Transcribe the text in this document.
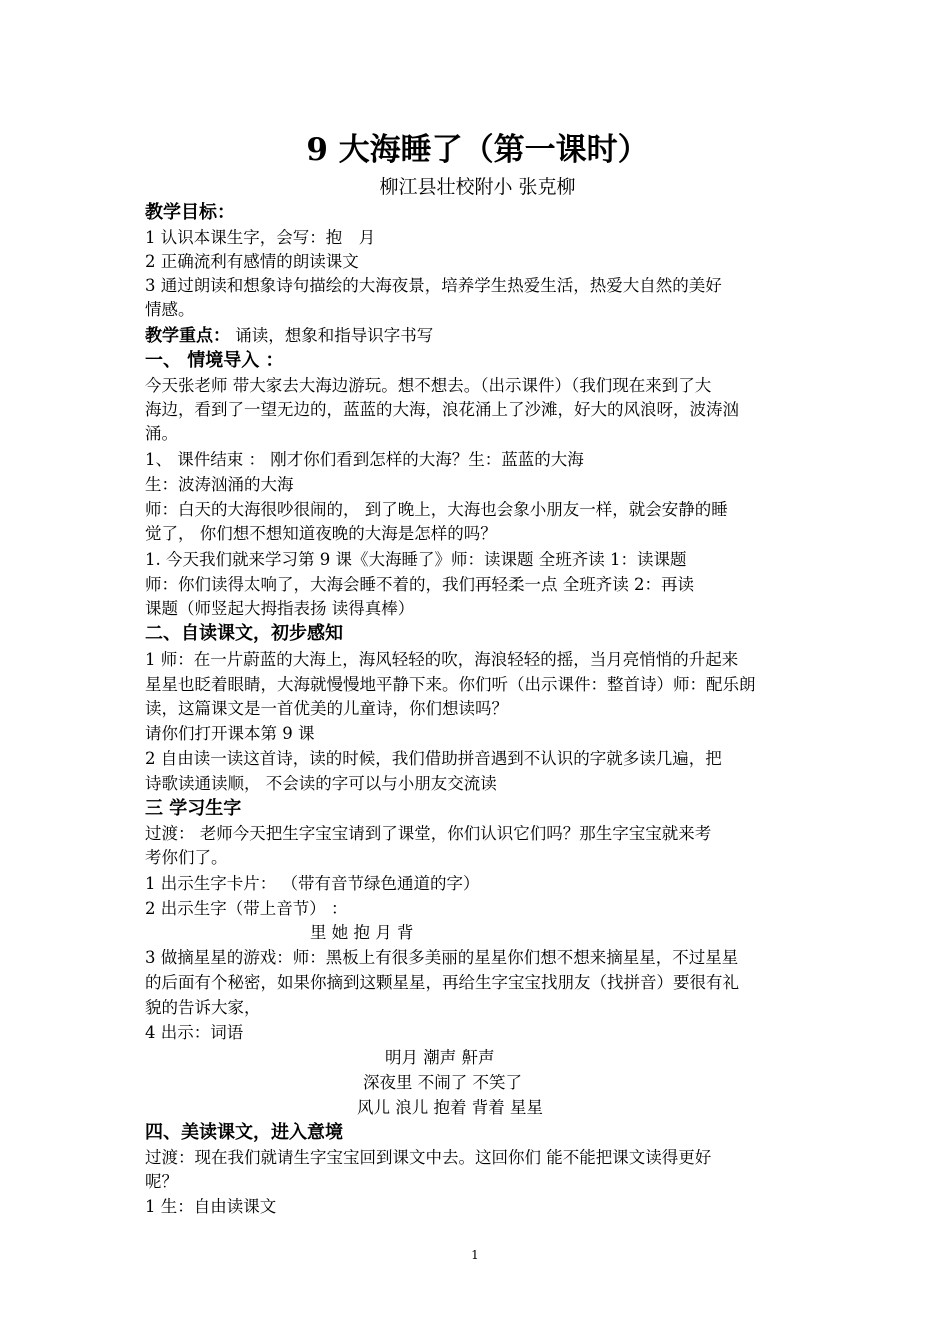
9 大海睡了（第一课时）
柳江县壮校附小 张克柳
教学目标：
1 认识本课生字，会写：抱　月
2 正确流利有感情的朗读课文
3 通过朗读和想象诗句描绘的大海夜景，培养学生热爱生活，热爱大自然的美好
情感。
教学重点： 诵读，想象和指导识字书写
一、 情境导入 ：
今天张老师 带大家去大海边游玩。想不想去。（出示课件）（我们现在来到了大
海边，看到了一望无边的，蓝蓝的大海，浪花涌上了沙滩，好大的风浪呀，波涛汹
涌。
1、 课件结束 ： 刚才你们看到怎样的大海？生：蓝蓝的大海
生：波涛汹涌的大海
师：白天的大海很吵很闹的， 到了晚上，大海也会象小朋友一样，就会安静的睡
觉了， 你们想不想知道夜晚的大海是怎样的吗？
1. 今天我们就来学习第 9 课《大海睡了》师：读课题 全班齐读 1：读课题
师：你们读得太响了，大海会睡不着的，我们再轻柔一点 全班齐读 2：再读
课题（师竖起大拇指表扬 读得真棒）
二、自读课文，初步感知
1 师：在一片蔚蓝的大海上，海风轻轻的吹，海浪轻轻的摇，当月亮悄悄的升起来
星星也眨着眼睛，大海就慢慢地平静下来。你们听（出示课件：整首诗）师：配乐朗
读，这篇课文是一首优美的儿童诗，你们想读吗？
请你们打开课本第 9 课
2 自由读一读这首诗，读的时候，我们借助拼音遇到不认识的字就多读几遍，把
诗歌读通读顺， 不会读的字可以与小朋友交流读
三 学习生字
过渡： 老师今天把生字宝宝请到了课堂，你们认识它们吗？那生字宝宝就来考
考你们了。
1 出示生字卡片： （带有音节绿色通道的字）
2 出示生字（带上音节） ：
里 她 抱 月 背
3 做摘星星的游戏：师：黑板上有很多美丽的星星你们想不想来摘星星，不过星星
的后面有个秘密，如果你摘到这颗星星，再给生字宝宝找朋友（找拼音）要很有礼
貌的告诉大家，
4 出示：词语
明月 潮声 鼾声
深夜里 不闹了 不笑了
风儿 浪儿 抱着 背着 星星
四、美读课文，进入意境
过渡：现在我们就请生字宝宝回到课文中去。这回你们 能不能把课文读得更好
呢？
1 生：自由读课文
1
